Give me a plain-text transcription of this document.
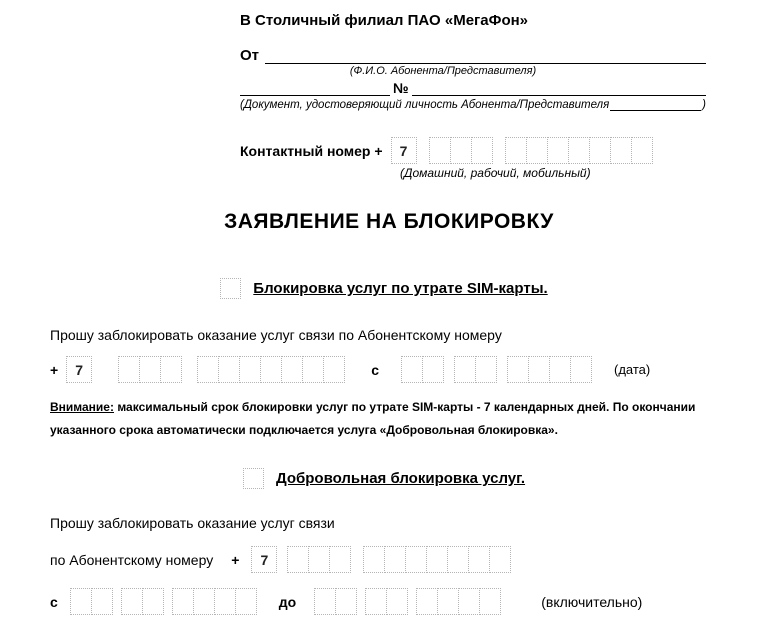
В Столичный филиал ПАО «МегаФон»
От
(Ф.И.О. Абонента/Представителя)
№
(Документ, удостоверяющий личность Абонента/Представителя	)
Контактный номер +	7
(Домашний, рабочий, мобильный)
ЗАЯВЛЕНИЕ НА БЛОКИРОВКУ
Блокировка услуг по утрате SIM-карты.
Прошу заблокировать оказание услуг связи по Абонентскому номеру
+	7	с	(дата)
Внимание: максимальный срок блокировки услуг по утрате SIM-карты - 7 календарных дней. По окончании указанного срока автоматически подключается услуга «Добровольная блокировка».
Добровольная блокировка услуг.
Прошу заблокировать оказание услуг связи
по Абонентскому номеру +	7
с	до	(включительно)
